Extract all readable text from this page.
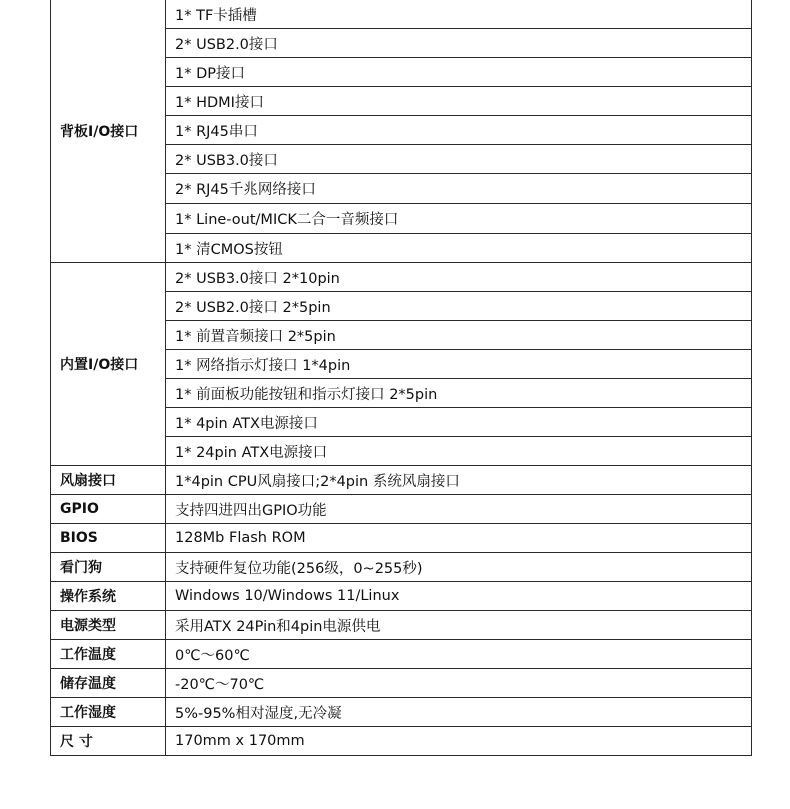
背板I/O接口	1* TF卡插槽
	2* USB2.0接口
	1* DP接口
	1* HDMI接口
	1* RJ45串口
	2* USB3.0接口
	2* RJ45千兆网络接口
	1* Line-out/MICK二合一音频接口
	1* 清CMOS按钮
内置I/O接口	2* USB3.0接口 2*10pin
	2* USB2.0接口 2*5pin
	1* 前置音频接口 2*5pin
	1* 网络指示灯接口 1*4pin
	1* 前面板功能按钮和指示灯接口 2*5pin
	1* 4pin ATX电源接口
	1* 24pin ATX电源接口
风扇接口	1*4pin CPU风扇接口;2*4pin 系统风扇接口
GPIO	支持四进四出GPIO功能
BIOS	128Mb Flash ROM
看门狗	支持硬件复位功能(256级，0~255秒)
操作系统	Windows 10/Windows 11/Linux
电源类型	采用ATX 24Pin和4pin电源供电
工作温度	0℃～60℃
储存温度	-20℃～70℃
工作湿度	5%-95%相对湿度,无冷凝
尺 寸	170mm x 170mm
